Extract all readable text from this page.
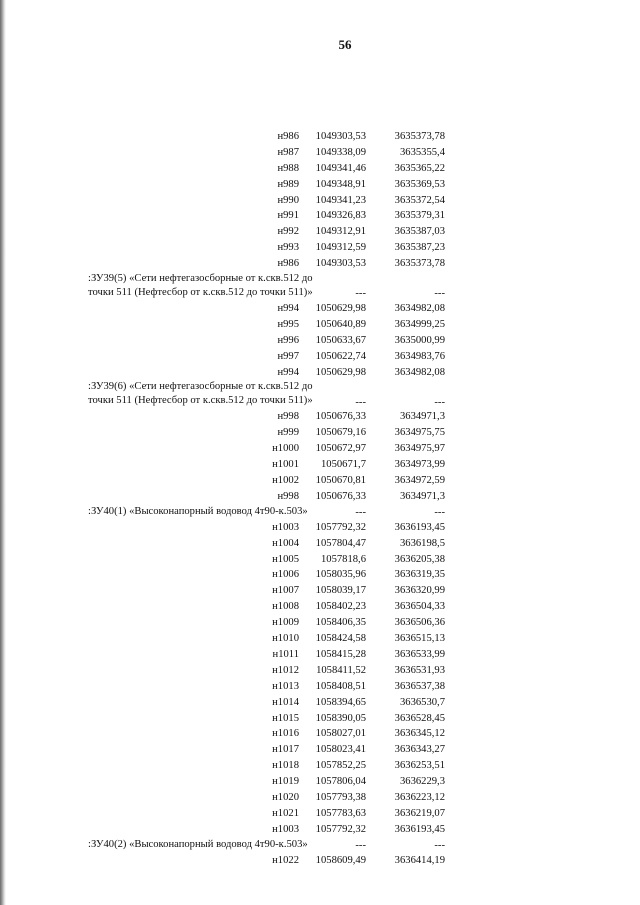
56
н986 1049303,53	3635373,78
н987 1049338,09	3635355,4
н988 1049341,46	3635365,22
н989 1049348,91	3635369,53
н990 1049341,23	3635372,54
н991 1049326,83	3635379,31
н992 1049312,91	3635387,03
н993 1049312,59	3635387,23
н986 1049303,53	3635373,78
:ЗУ39(5) «Сети нефтегазосборные от к.скв.512 до точки 511 (Нефтесбор от к.скв.512 до точки 511)»	---	---
н994 1050629,98	3634982,08
н995 1050640,89	3634999,25
н996 1050633,67	3635000,99
н997 1050622,74	3634983,76
н994 1050629,98	3634982,08
:ЗУ39(6) «Сети нефтегазосборные от к.скв.512 до точки 511 (Нефтесбор от к.скв.512 до точки 511)»	---	---
н998 1050676,33	3634971,3
н999 1050679,16	3634975,75
н1000 1050672,97	3634975,97
н1001 1050671,7	3634973,99
н1002 1050670,81	3634972,59
н998 1050676,33	3634971,3
:ЗУ40(1) «Высоконапорный водовод 4т90-к.503»	---	---
н1003 1057792,32	3636193,45
н1004 1057804,47	3636198,5
н1005 1057818,6	3636205,38
н1006 1058035,96	3636319,35
н1007 1058039,17	3636320,99
н1008 1058402,23	3636504,33
н1009 1058406,35	3636506,36
н1010 1058424,58	3636515,13
н1011 1058415,28	3636533,99
н1012 1058411,52	3636531,93
н1013 1058408,51	3636537,38
н1014 1058394,65	3636530,7
н1015 1058390,05	3636528,45
н1016 1058027,01	3636345,12
н1017 1058023,41	3636343,27
н1018 1057852,25	3636253,51
н1019 1057806,04	3636229,3
н1020 1057793,38	3636223,12
н1021 1057783,63	3636219,07
н1003 1057792,32	3636193,45
:ЗУ40(2) «Высоконапорный водовод 4т90-к.503»	---	---
н1022 1058609,49	3636414,19
